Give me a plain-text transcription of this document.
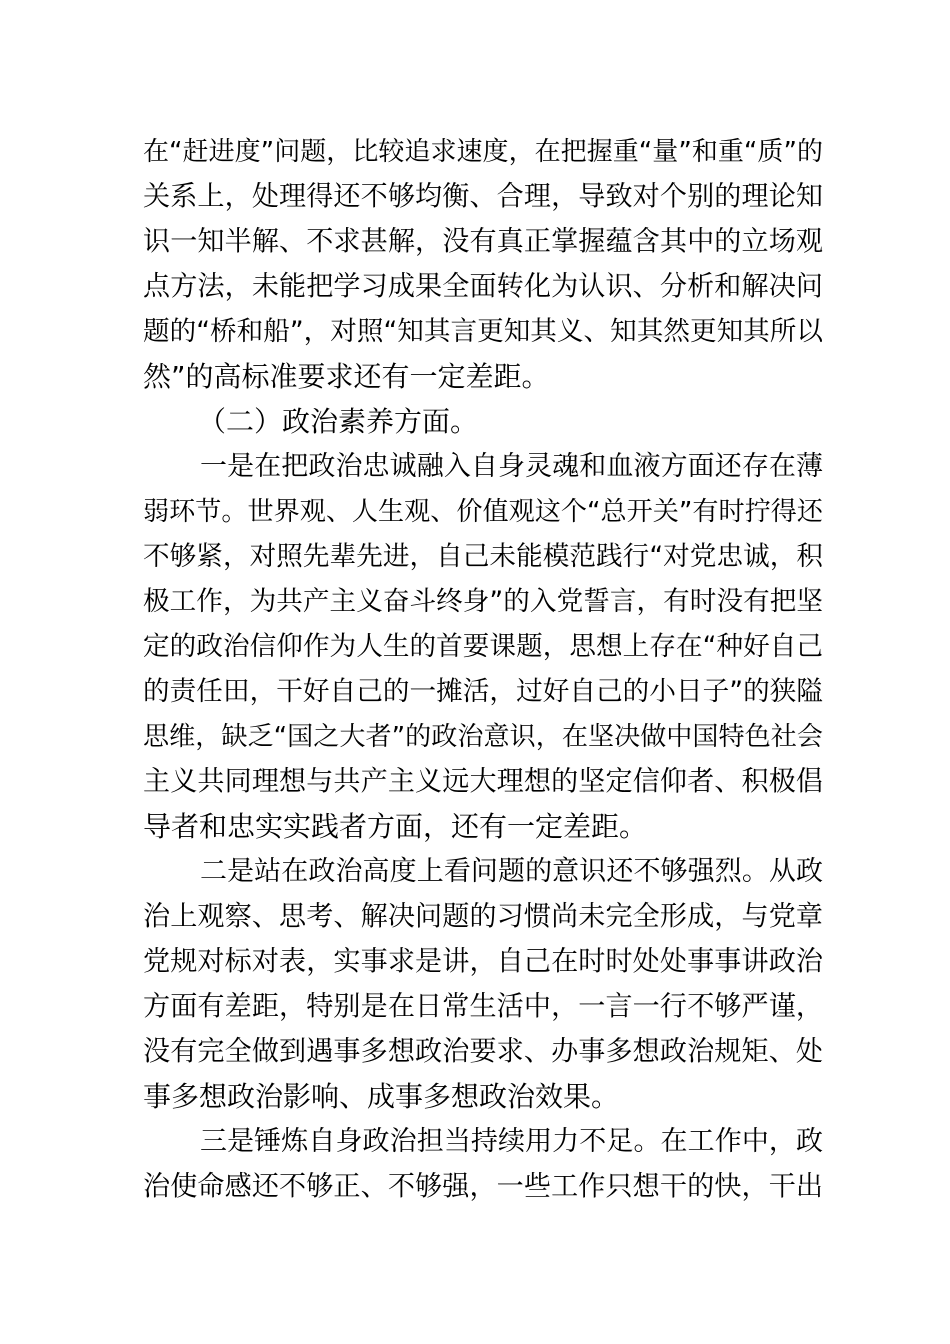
在“赶进度”问题，比较追求速度，在把握重“量”和重“质”的
关系上，处理得还不够均衡、合理，导致对个别的理论知
识一知半解、不求甚解，没有真正掌握蕴含其中的立场观
点方法，未能把学习成果全面转化为认识、分析和解决问
题的“桥和船”，对照“知其言更知其义、知其然更知其所以
然”的高标准要求还有一定差距。
（二）政治素养方面。
一是在把政治忠诚融入自身灵魂和血液方面还存在薄
弱环节。世界观、人生观、价值观这个“总开关”有时拧得还
不够紧，对照先辈先进，自己未能模范践行“对党忠诚，积
极工作，为共产主义奋斗终身”的入党誓言，有时没有把坚
定的政治信仰作为人生的首要课题，思想上存在“种好自己
的责任田，干好自己的一摊活，过好自己的小日子”的狭隘
思维，缺乏“国之大者”的政治意识，在坚决做中国特色社会
主义共同理想与共产主义远大理想的坚定信仰者、积极倡
导者和忠实实践者方面，还有一定差距。
二是站在政治高度上看问题的意识还不够强烈。从政
治上观察、思考、解决问题的习惯尚未完全形成，与党章
党规对标对表，实事求是讲，自己在时时处处事事讲政治
方面有差距，特别是在日常生活中，一言一行不够严谨，
没有完全做到遇事多想政治要求、办事多想政治规矩、处
事多想政治影响、成事多想政治效果。
三是锤炼自身政治担当持续用力不足。在工作中，政
治使命感还不够正、不够强，一些工作只想干的快，干出
